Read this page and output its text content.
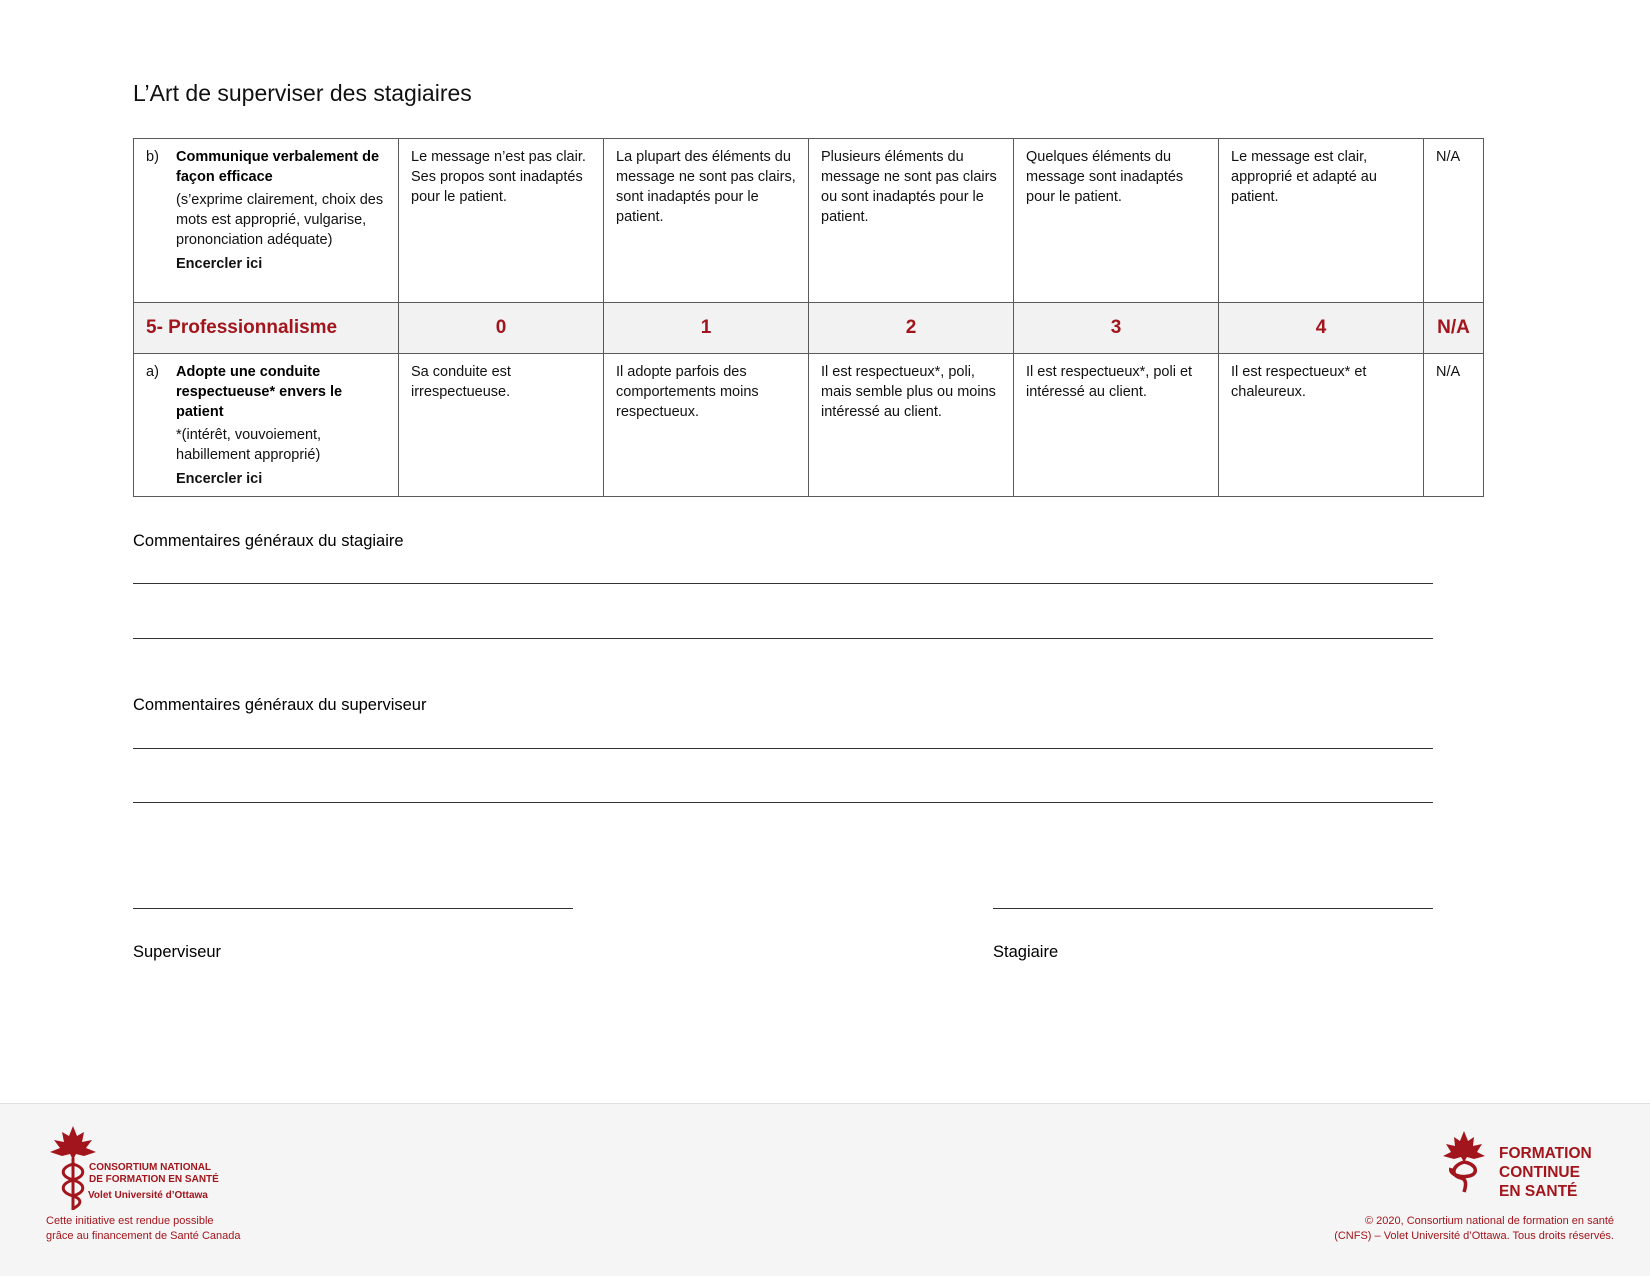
L’Art de superviser des stagiaires
b) Communique verbalement de façon efficace
(s’exprime clairement, choix des mots est approprié, vulgarise, prononciation adéquate)
Encercler ici	Le message n’est pas clair. Ses propos sont inadaptés pour le patient.	La plupart des éléments du message ne sont pas clairs, sont inadaptés pour le patient.	Plusieurs éléments du message ne sont pas clairs ou sont inadaptés pour le patient.	Quelques éléments du message sont inadaptés pour le patient.	Le message est clair, approprié et adapté au patient.	N/A
5- Professionnalisme	0	1	2	3	4	N/A

a) Adopte une conduite respectueuse* envers le patient
*(intérêt, vouvoiement, habillement approprié)
Encercler ici	Sa conduite est irrespectueuse.	Il adopte parfois des comportements moins respectueux.	Il est respectueux*, poli, mais semble plus ou moins intéressé au client.	Il est respectueux*, poli et intéressé au client.	Il est respectueux* et chaleureux.	N/A
Commentaires généraux du stagiaire
Commentaires généraux du superviseur
Superviseur	Stagiaire
CONSORTIUM NATIONAL
DE FORMATION EN SANTÉ
Volet Université d’Ottawa
Cette initiative est rendue possible
grâce au financement de Santé Canada
FORMATION
CONTINUE
EN SANTÉ
© 2020, Consortium national de formation en santé
(CNFS) – Volet Université d’Ottawa. Tous droits réservés.
